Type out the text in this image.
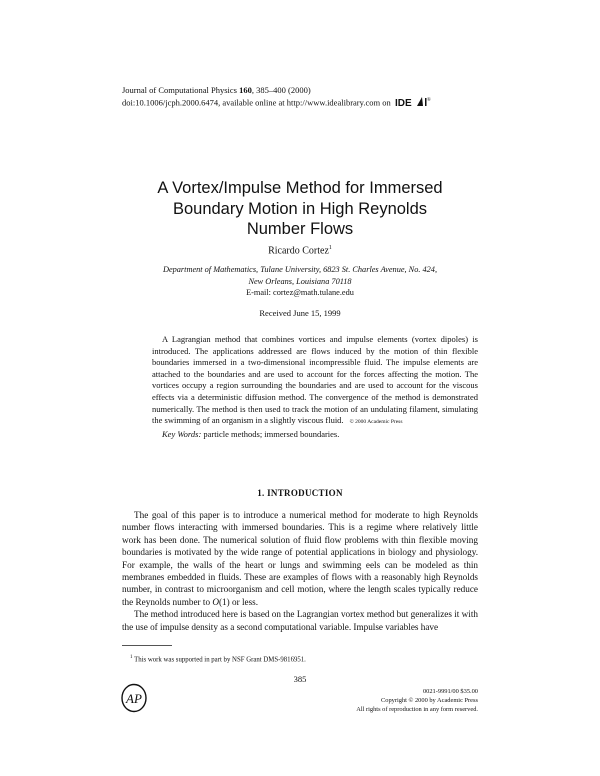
Journal of Computational Physics 160, 385–400 (2000)
doi:10.1006/jcph.2000.6474, available online at http://www.idealibrary.com on IDE	®
A Vortex/Impulse Method for Immersed
Boundary Motion in High Reynolds
Number Flows
Ricardo Cortez$^1$
Department of Mathematics, Tulane University, 6823 St. Charles Avenue, No. 424,
New Orleans, Louisiana 70118
E-mail: cortez@math.tulane.edu
Received June 15, 1999

A Lagrangian method that combines vortices and impulse elements (vortex dipoles) is introduced. The applications addressed are flows induced by the motion of thin flexible boundaries immersed in a two-dimensional incompressible fluid. The impulse elements are attached to the boundaries and are used to account for the forces affecting the motion. The vortices occupy a region surrounding the boundaries and are used to account for the viscous effects via a deterministic diffusion method. The convergence of the method is demonstrated numerically. The method is then used to track the motion of an undulating filament, simulating the swimming of an organism in a slightly viscous fluid. © 2000 Academic Press

Key Words: particle methods; immersed boundaries.
1. INTRODUCTION

The goal of this paper is to introduce a numerical method for moderate to high Reynolds number flows interacting with immersed boundaries. This is a regime where relatively little work has been done. The numerical solution of fluid flow problems with thin flexible moving boundaries is motivated by the wide range of potential applications in biology and physiology. For example, the walls of the heart or lungs and swimming eels can be modeled as thin membranes embedded in fluids. These are examples of flows with a reasonably high Reynolds number, in contrast to microorganism and cell motion, where the length scales typically reduce the Reynolds number to O(1) or less.

The method introduced here is based on the Lagrangian vortex method but generalizes it with the use of impulse density as a second computational variable. Impulse variables have

$^1$ This work was supported in part by NSF Grant DMS-9816951.
385
AP	0021-9991/00 $35.00
Copyright © 2000 by Academic Press
All rights of reproduction in any form reserved.
